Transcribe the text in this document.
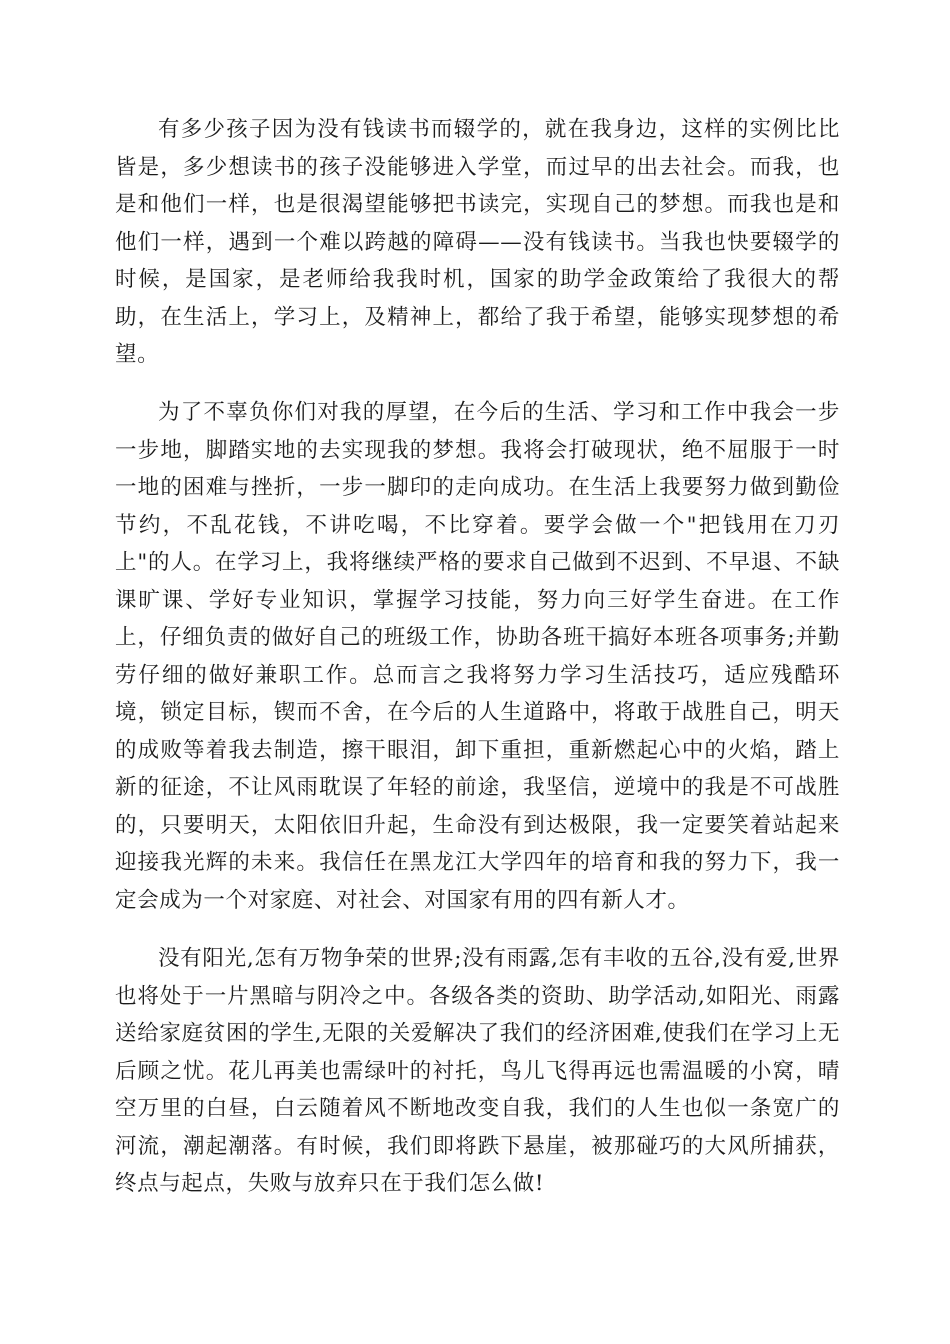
有多少孩子因为没有钱读书而辍学的，就在我身边，这样的实例比比皆是，多少想读书的孩子没能够进入学堂，而过早的出去社会。而我，也是和他们一样，也是很渴望能够把书读完，实现自己的梦想。而我也是和他们一样，遇到一个难以跨越的障碍——没有钱读书。当我也快要辍学的时候，是国家，是老师给我我时机，国家的助学金政策给了我很大的帮助，在生活上，学习上，及精神上，都给了我于希望，能够实现梦想的希望。

为了不辜负你们对我的厚望，在今后的生活、学习和工作中我会一步一步地，脚踏实地的去实现我的梦想。我将会打破现状，绝不屈服于一时一地的困难与挫折，一步一脚印的走向成功。在生活上我要努力做到勤俭节约，不乱花钱，不讲吃喝，不比穿着。要学会做一个"把钱用在刀刃上"的人。在学习上，我将继续严格的要求自己做到不迟到、不早退、不缺课旷课、学好专业知识，掌握学习技能，努力向三好学生奋进。在工作上，仔细负责的做好自己的班级工作，协助各班干搞好本班各项事务;并勤劳仔细的做好兼职工作。总而言之我将努力学习生活技巧，适应残酷环境，锁定目标，锲而不舍，在今后的人生道路中，将敢于战胜自己，明天的成败等着我去制造，擦干眼泪，卸下重担，重新燃起心中的火焰，踏上新的征途，不让风雨耽误了年轻的前途，我坚信，逆境中的我是不可战胜的，只要明天，太阳依旧升起，生命没有到达极限，我一定要笑着站起来迎接我光辉的未来。我信任在黑龙江大学四年的培育和我的努力下，我一定会成为一个对家庭、对社会、对国家有用的四有新人才。

没有阳光,怎有万物争荣的世界;没有雨露,怎有丰收的五谷,没有爱,世界也将处于一片黑暗与阴冷之中。各级各类的资助、助学活动,如阳光、雨露送给家庭贫困的学生,无限的关爱解决了我们的经济困难,使我们在学习上无后顾之忧。花儿再美也需绿叶的衬托，鸟儿飞得再远也需温暖的小窝，晴空万里的白昼，白云随着风不断地改变自我，我们的人生也似一条宽广的河流，潮起潮落。有时候，我们即将跌下悬崖，被那碰巧的大风所捕获，终点与起点，失败与放弃只在于我们怎么做!
